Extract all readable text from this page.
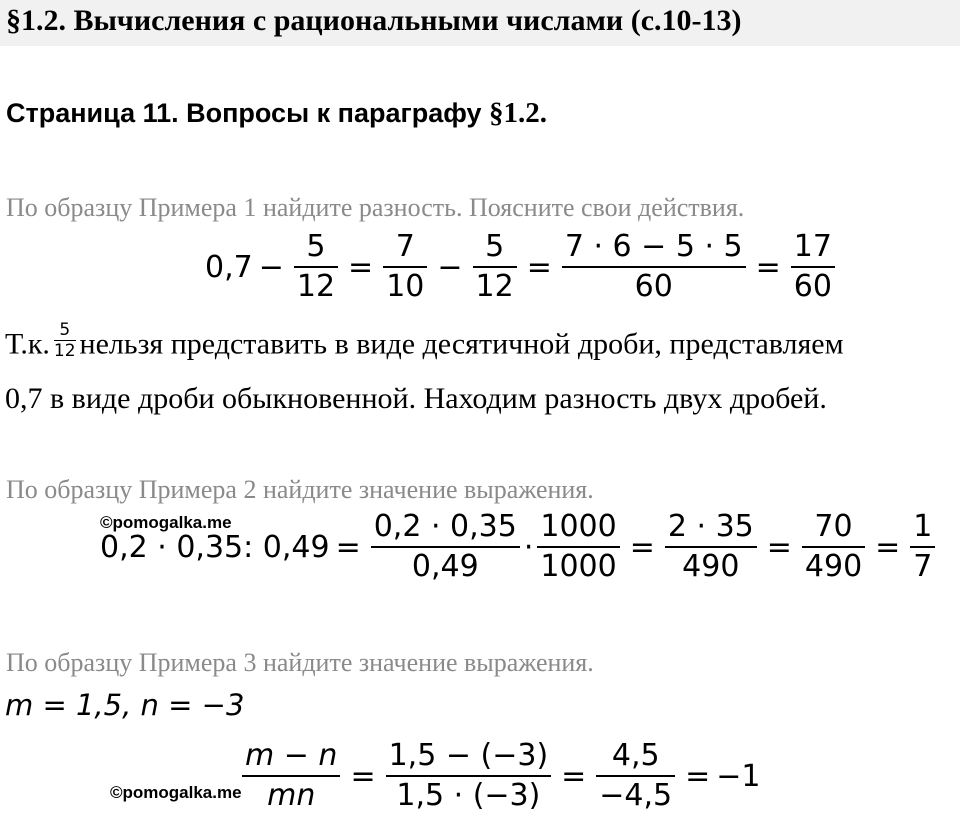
§1.2. Вычисления с рациональными числами (с.10-13)
Страница 11. Вопросы к параграфу §1.2.
По образцу Примера 1 найдите разность. Поясните свои действия.
$0,7 - \frac{5}{12} = \frac{7}{10} - \frac{5}{12} = \frac{7 \cdot 6 - 5 \cdot 5}{60} = \frac{17}{60}$
Т.к. $\frac{5}{12}$ нельзя представить в виде десятичной дроби, представляем
0,7 в виде дроби обыкновенной. Находим разность двух дробей.
По образцу Примера 2 найдите значение выражения.
©pomogalka.me
0,2 · 0,35: $0,49 = \frac{0,2 \cdot 0,35}{0,49} \cdot \frac{1000}{1000} = \frac{2 \cdot 35}{490} = \frac{70}{490} = \frac{1}{7}$
По образцу Примера 3 найдите значение выражения.
m = 1,5, n = −3
©pomogalka.me $\frac{m - n}{mn} = \frac{1,5 - (-3)}{1,5 \cdot (-3)} = \frac{4,5}{-4,5} = -1$
